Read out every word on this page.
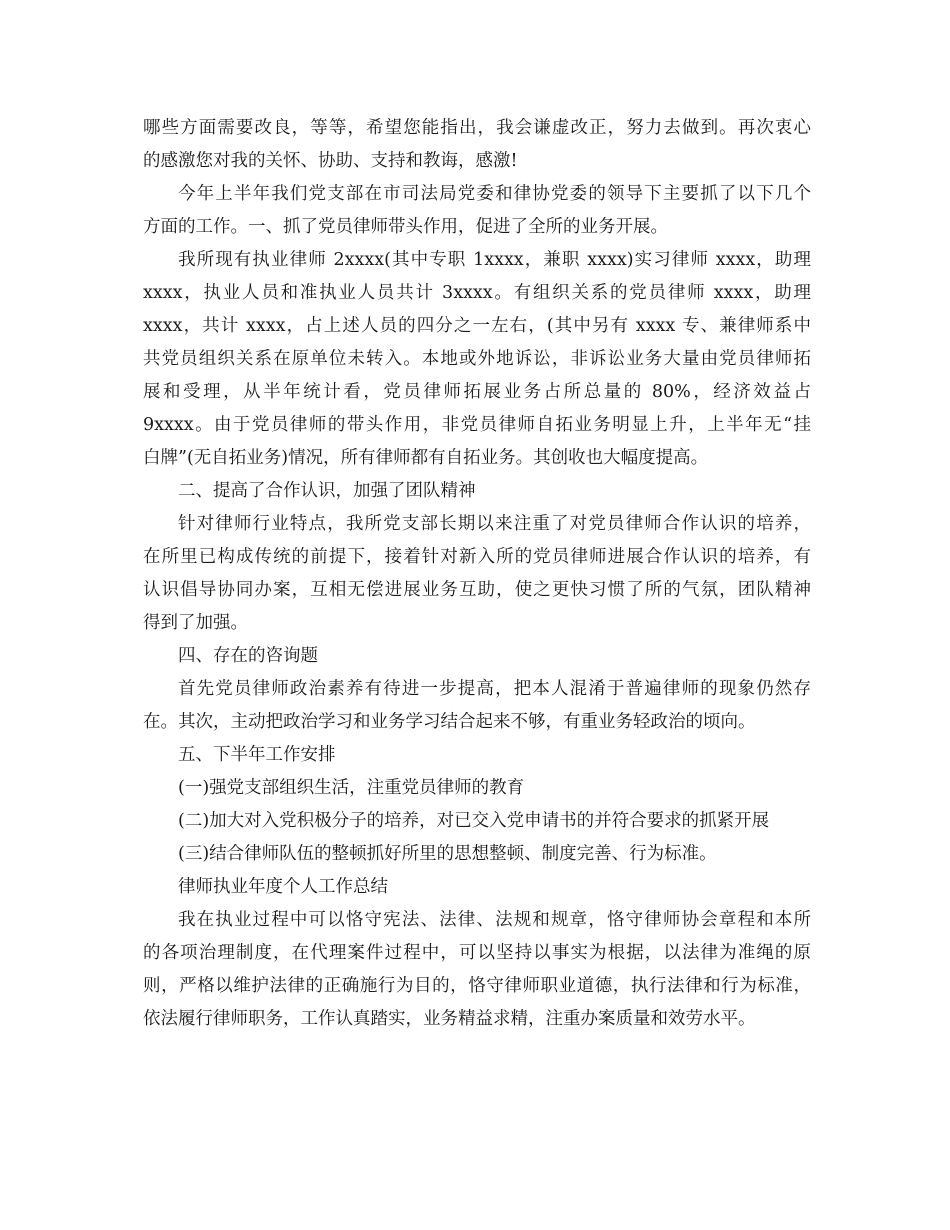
哪些方面需要改良，等等，希望您能指出，我会谦虚改正，努力去做到。再次衷心
的感激您对我的关怀、协助、支持和教诲，感激!
今年上半年我们党支部在市司法局党委和律协党委的领导下主要抓了以下几个
方面的工作。一、抓了党员律师带头作用，促进了全所的业务开展。
我所现有执业律师 2xxxx(其中专职 1xxxx，兼职 xxxx)实习律师 xxxx，助理
xxxx，执业人员和准执业人员共计 3xxxx。有组织关系的党员律师 xxxx，助理
xxxx，共计 xxxx，占上述人员的四分之一左右，(其中另有 xxxx 专、兼律师系中
共党员组织关系在原单位未转入。本地或外地诉讼，非诉讼业务大量由党员律师拓
展和受理，从半年统计看，党员律师拓展业务占所总量的 80%，经济效益占
9xxxx。由于党员律师的带头作用，非党员律师自拓业务明显上升，上半年无“挂
白牌”(无自拓业务)情况，所有律师都有自拓业务。其创收也大幅度提高。
二、提高了合作认识，加强了团队精神
针对律师行业特点，我所党支部长期以来注重了对党员律师合作认识的培养，
在所里已构成传统的前提下，接着针对新入所的党员律师进展合作认识的培养，有
认识倡导协同办案，互相无偿进展业务互助，使之更快习惯了所的气氛，团队精神
得到了加强。
四、存在的咨询题
首先党员律师政治素养有待进一步提高，把本人混淆于普遍律师的现象仍然存
在。其次，主动把政治学习和业务学习结合起来不够，有重业务轻政治的顷向。
五、下半年工作安排
(一)强党支部组织生活，注重党员律师的教育
(二)加大对入党积极分子的培养，对已交入党申请书的并符合要求的抓紧开展
(三)结合律师队伍的整顿抓好所里的思想整顿、制度完善、行为标准。
律师执业年度个人工作总结
我在执业过程中可以恪守宪法、法律、法规和规章，恪守律师协会章程和本所
的各项治理制度，在代理案件过程中，可以坚持以事实为根据，以法律为准绳的原
则，严格以维护法律的正确施行为目的，恪守律师职业道德，执行法律和行为标准，
依法履行律师职务，工作认真踏实，业务精益求精，注重办案质量和效劳水平。
